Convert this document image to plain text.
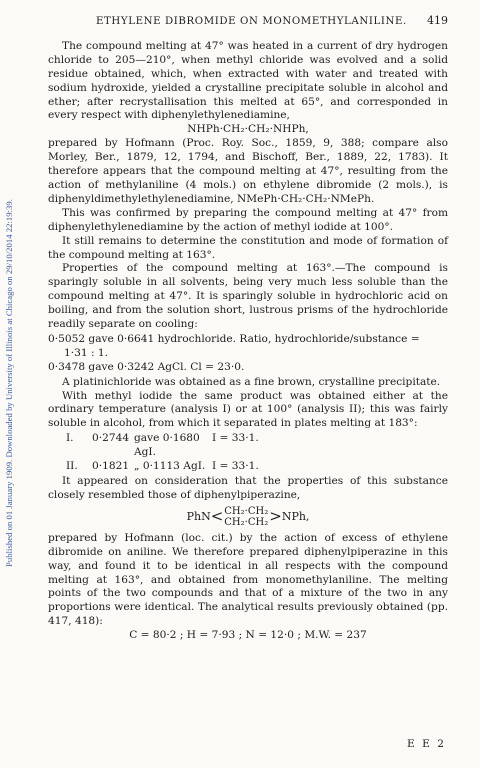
Published on 01 January 1909. Downloaded by University of Illinois at Chicago on 29/10/2014 22:19:39.
ETHYLENE DIBROMIDE ON MONOMETHYLANILINE. 419

The compound melting at 47° was heated in a current of dry hydrogen chloride to 205—210°, when methyl chloride was evolved and a solid residue obtained, which, when extracted with water and treated with sodium hydroxide, yielded a crystalline precipitate soluble in alcohol and ether; after recrystallisation this melted at 65°, and corresponded in every respect with diphenylethylenediamine,

NHPh·CH₂·CH₂·NHPh,

prepared by Hofmann (Proc. Roy. Soc., 1859, 9, 388; compare also Morley, Ber., 1879, 12, 1794, and Bischoff, Ber., 1889, 22, 1783). It therefore appears that the compound melting at 47°, resulting from the action of methylaniline (4 mols.) on ethylene dibromide (2 mols.), is diphenyldimethylethylenediamine, NMePh·CH₂·CH₂·NMePh.

This was confirmed by preparing the compound melting at 47° from diphenylethylenediamine by the action of methyl iodide at 100°.

It still remains to determine the constitution and mode of formation of the compound melting at 163°.

Properties of the compound melting at 163°.—The compound is sparingly soluble in all solvents, being very much less soluble than the compound melting at 47°. It is sparingly soluble in hydrochloric acid on boiling, and from the solution short, lustrous prisms of the hydrochloride readily separate on cooling:

0·5052 gave 0·6641 hydrochloride. Ratio, hydrochloride/substance =
1·31 : 1.
0·3478 gave 0·3242 AgCl. Cl = 23·0.

A platinichloride was obtained as a fine brown, crystalline precipitate.

With methyl iodide the same product was obtained either at the ordinary temperature (analysis I) or at 100° (analysis II); this was fairly soluble in alcohol, from which it separated in plates melting at 183°:

I.	0·2744 gave 0·1680 AgI.
I = 33·1.
II.	0·1821 „ 0·1113 AgI. I = 33·1.

It appeared on consideration that the properties of this substance closely resembled those of diphenylpiperazine,

PhN < CH₂·CH₂
CH₂·CH₂ > NPh,

prepared by Hofmann (loc. cit.) by the action of excess of ethylene dibromide on aniline. We therefore prepared diphenylpiperazine in this way, and found it to be identical in all respects with the compound melting at 163°, and obtained from monomethylaniline. The melting points of the two compounds and that of a mixture of the two in any proportions were identical. The analytical results previously obtained (pp. 417, 418):

C = 80·2 ; H = 7·93 ; N = 12·0 ; M.W. = 237

E E 2
